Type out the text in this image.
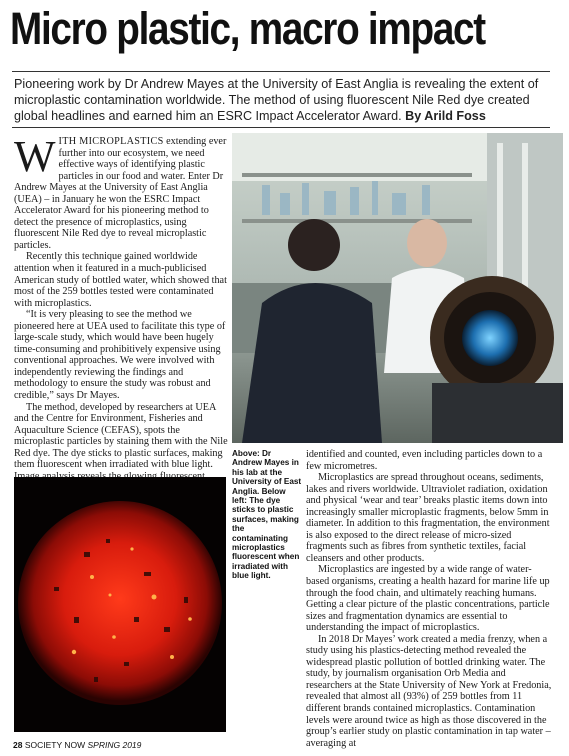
Micro plastic, macro impact
Pioneering work by Dr Andrew Mayes at the University of East Anglia is revealing the extent of microplastic contamination worldwide. The method of using fluorescent Nile Red dye created global headlines and earned him an ESRC Impact Accelerator Award. By Arild Foss

WITH MICROPLASTICS extending ever further into our ecosystem, we need effective ways of identifying plastic particles in our food and water. Enter Dr Andrew Mayes at the University of East Anglia (UEA) – in January he won the ESRC Impact Accelerator Award for his pioneering method to detect the presence of microplastics, using fluorescent Nile Red dye to reveal microplastic particles.

Recently this technique gained worldwide attention when it featured in a much-publicised American study of bottled water, which showed that most of the 259 bottles tested were contaminated with microplastics.

“It is very pleasing to see the method we pioneered here at UEA used to facilitate this type of large-scale study, which would have been hugely time-consuming and prohibitively expensive using conventional approaches. We were involved with independently reviewing the findings and methodology to ensure the study was robust and credible,” says Dr Mayes.

The method, developed by researchers at UEA and the Centre for Environment, Fisheries and Aquaculture Science (CEFAS), spots the microplastic particles by staining them with the Nile Red dye. The dye sticks to plastic surfaces, making them fluorescent when irradiated with blue light.

Above: Dr Andrew Mayes in his lab at the University of East Anglia. Below left: The dye sticks to plastic surfaces, making the contaminating microplastics fluorescent when irradiated with blue light.

identified and counted, even including particles down to a few micrometres.

Microplastics are spread throughout oceans, sediments, lakes and rivers worldwide. Ultraviolet radiation, oxidation and physical ‘wear and tear’ breaks plastic items down into increasingly smaller microplastic fragments, below 5mm in diameter. In addition to this fragmentation, the environment is also exposed to the direct release of micro-sized fragments such as fibres from synthetic textiles, facial cleansers and other products.

Microplastics are ingested by a wide range of water-based organisms, creating a health hazard for marine life up through the food chain, and ultimately reaching humans. Getting a clear picture of the plastic concentrations, particle sizes and fragmentation dynamics are essential to understanding the impact of microplastics.

In 2018 Dr Mayes’ work created a media frenzy, when a study using his plastics-detecting method revealed the widespread plastic pollution of bottled drinking water. The study, by journalism organisation Orb Media and researchers at the State University of New York at Fredonia, revealed that almost all (93%) of 259 bottles from 11 different brands contained microplastics. Contamination levels were around twice as high as those discovered in the group’s earlier study on plastic contamination in tap water – averaging at

28 SOCIETY NOW SPRING 2019
